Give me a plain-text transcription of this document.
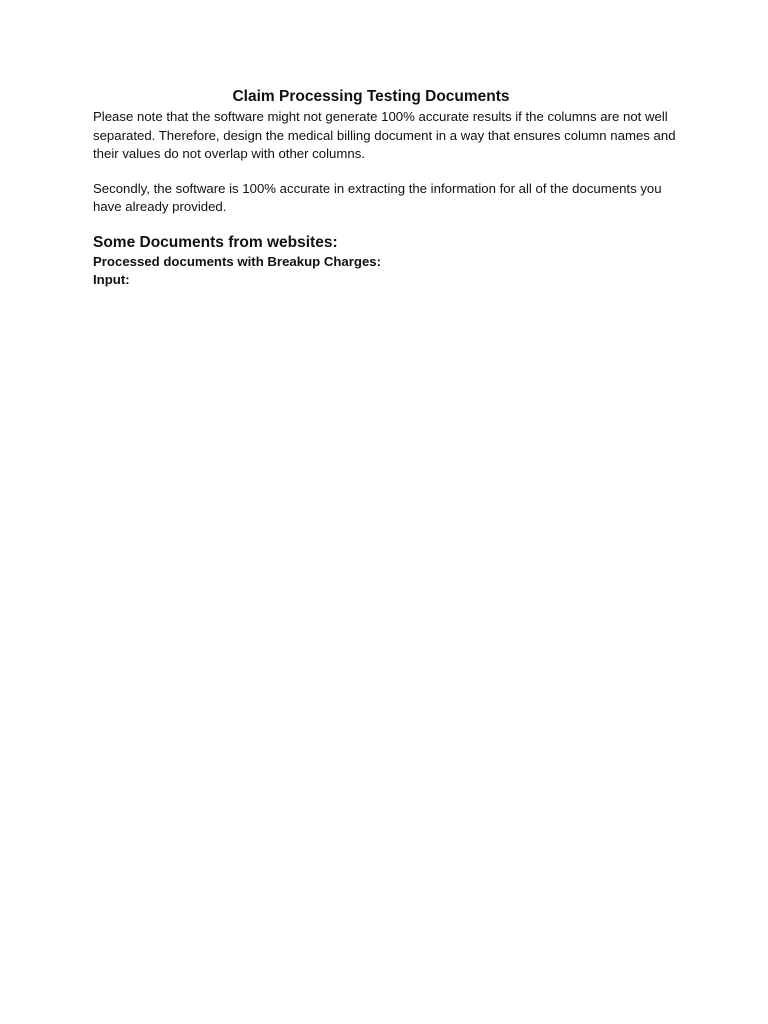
Claim Processing Testing Documents

Please note that the software might not generate 100% accurate results if the columns are not well separated. Therefore, design the medical billing document in a way that ensures column names and their values do not overlap with other columns.

Secondly, the software is 100% accurate in extracting the information for all of the documents you have already provided.

Some Documents from websites:

Processed documents with Breakup Charges:

Input:
